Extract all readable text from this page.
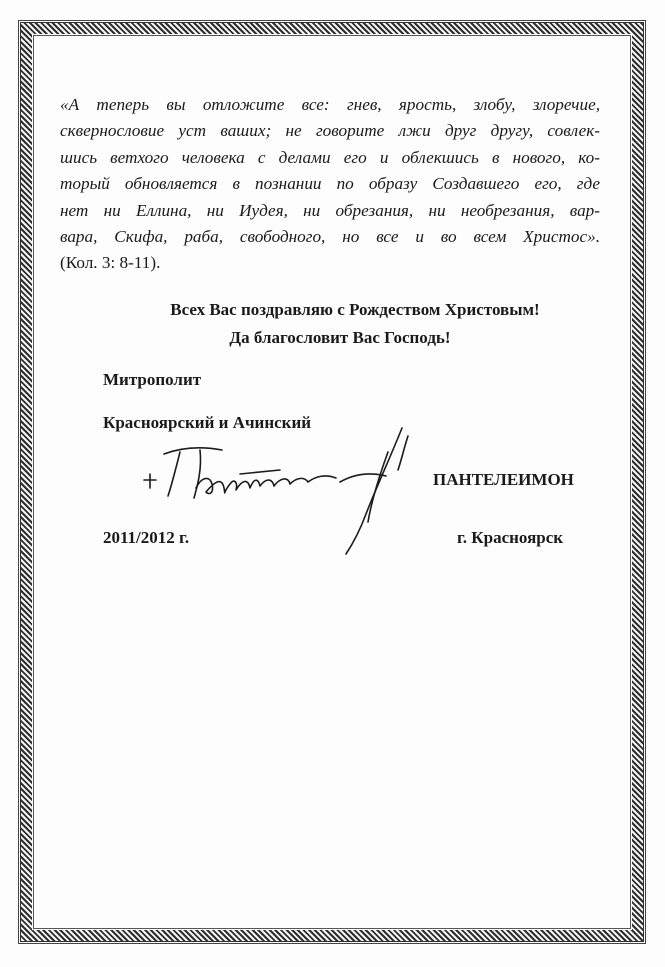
«А теперь вы отложите все: гнев, ярость, злобу, злоречие,
сквернословие уст ваших; не говорите лжи друг другу, совлек-
шись ветхого человека с делами его и облекшись в нового, ко-
торый обновляется в познании по образу Создавшего его, где
нет ни Еллина, ни Иудея, ни обрезания, ни необрезания, вар-
вара, Скифа, раба, свободного, но все и во всем Христос».
(Кол. 3: 8-11).

Всех Вас поздравляю с Рождеством Христовым!

Да благословит Вас Господь!

Митрополит

Красноярский и Ачинский

ПАНТЕЛЕИМОН

2011/2012 г.	г. Красноярск
